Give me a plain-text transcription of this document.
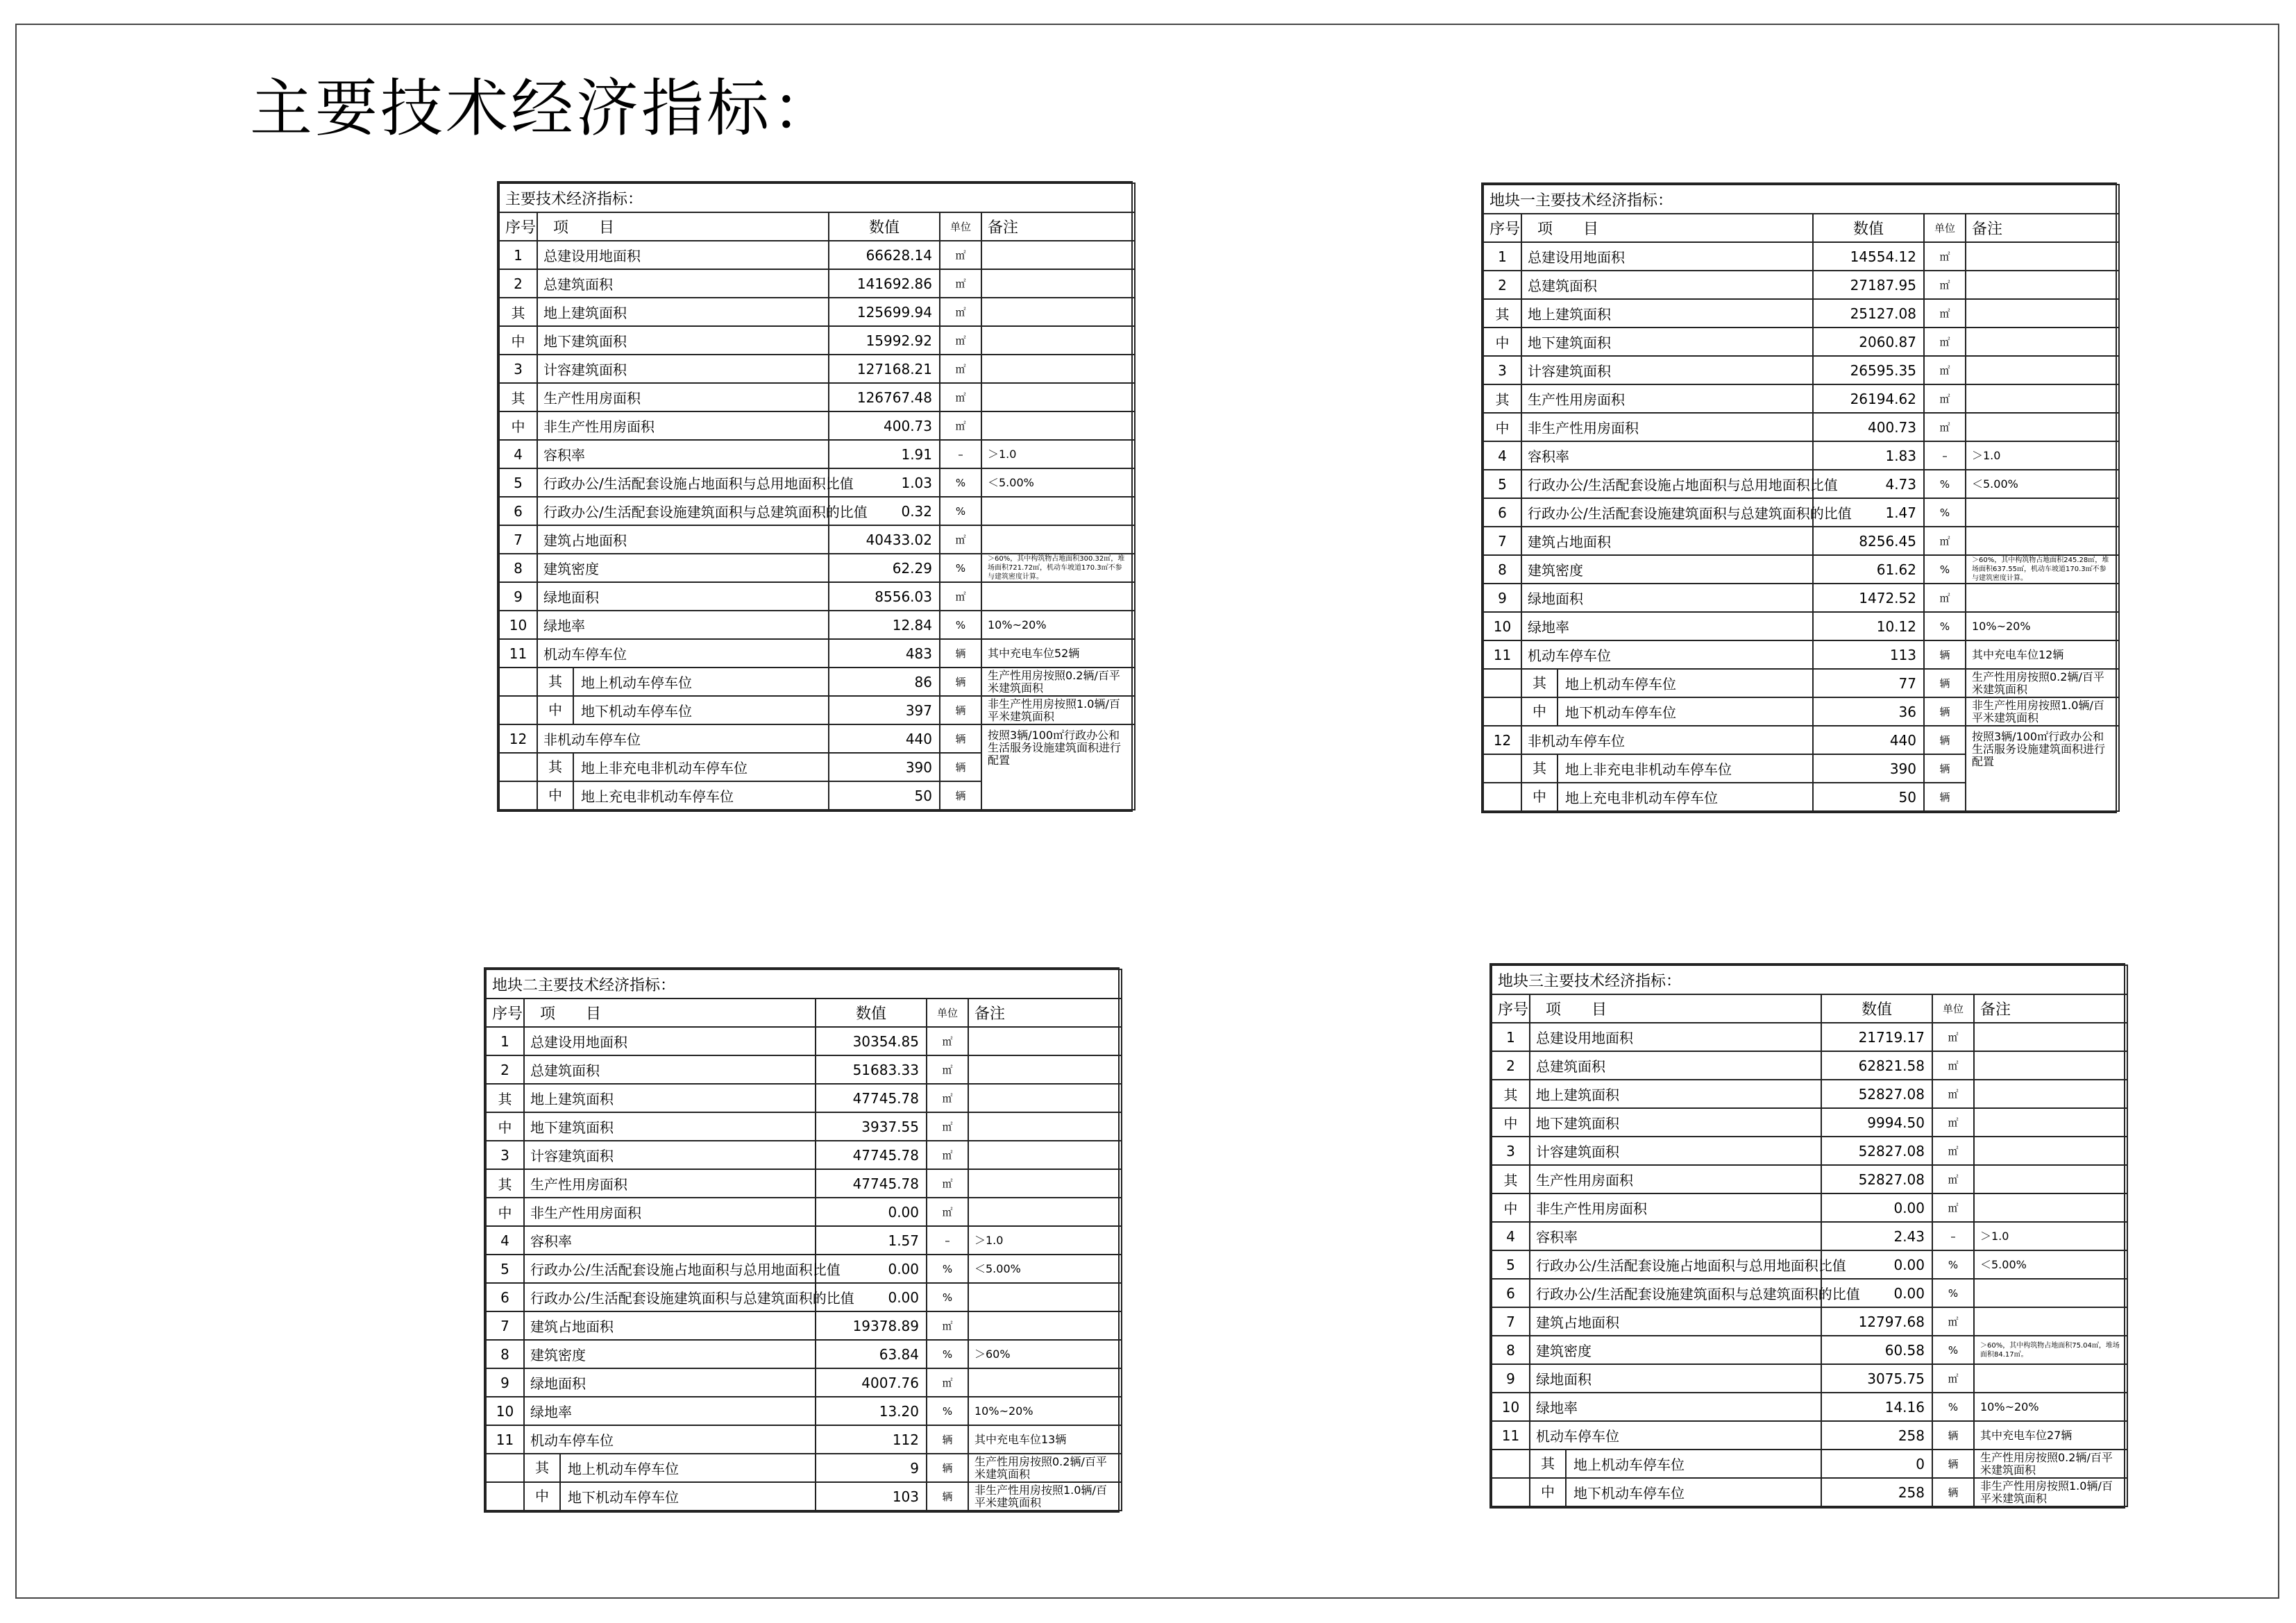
主要技术经济指标：
主要技术经济指标：				
序号	项　　目	数值	单位	备注
1	总建设用地面积	66628.14	㎡	
2	总建筑面积	141692.86	㎡	
其	地上建筑面积	125699.94	㎡	
中	地下建筑面积	15992.92	㎡	
3	计容建筑面积	127168.21	㎡	
其	生产性用房面积	126767.48	㎡	
中	非生产性用房面积	400.73	㎡	
4	容积率	1.91	–	＞1.0
5	行政办公/生活配套设施占地面积与总用地面积比值	1.03	%	＜5.00%
6	行政办公/生活配套设施建筑面积与总建筑面积的比值	0.32	%	
7	建筑占地面积	40433.02	㎡	
8	建筑密度	62.29	%	＞60%，其中构筑物占地面积300.32㎡，堆场面积721.72㎡，机动车坡道170.3㎡不参与建筑密度计算。
9	绿地面积	8556.03	㎡	
10	绿地率	12.84	%	10%~20%
11	机动车停车位	483	辆	其中充电车位52辆

	其 地上机动车停车位	86	辆	生产性用房按照0.2辆/百平米建筑面积

	中 地下机动车停车位	397	辆	非生产性用房按照1.0辆/百平米建筑面积
12	非机动车停车位	440	辆	按照3辆/100㎡行政办公和生活服务设施建筑面积进行配置

	其 地上非充电非机动车停车位	390	辆	

	中 地上充电非机动车停车位	50	辆	
地块一主要技术经济指标：				
序号	项　　目	数值	单位	备注
1	总建设用地面积	14554.12	㎡	
2	总建筑面积	27187.95	㎡	
其	地上建筑面积	25127.08	㎡	
中	地下建筑面积	2060.87	㎡	
3	计容建筑面积	26595.35	㎡	
其	生产性用房面积	26194.62	㎡	
中	非生产性用房面积	400.73	㎡	
4	容积率	1.83	–	＞1.0
5	行政办公/生活配套设施占地面积与总用地面积比值	4.73	%	＜5.00%
6	行政办公/生活配套设施建筑面积与总建筑面积的比值	1.47	%	
7	建筑占地面积	8256.45	㎡	
8	建筑密度	61.62	%	＞60%，其中构筑物占地面积245.28㎡，堆场面积637.55㎡，机动车坡道170.3㎡不参与建筑密度计算。
9	绿地面积	1472.52	㎡	
10	绿地率	10.12	%	10%~20%
11	机动车停车位	113	辆	其中充电车位12辆

	其 地上机动车停车位	77	辆	生产性用房按照0.2辆/百平米建筑面积

	中 地下机动车停车位	36	辆	非生产性用房按照1.0辆/百平米建筑面积
12	非机动车停车位	440	辆	按照3辆/100㎡行政办公和生活服务设施建筑面积进行配置

	其 地上非充电非机动车停车位	390	辆	

	中 地上充电非机动车停车位	50	辆	
地块二主要技术经济指标：				
序号	项　　目	数值	单位	备注
1	总建设用地面积	30354.85	㎡	
2	总建筑面积	51683.33	㎡	
其	地上建筑面积	47745.78	㎡	
中	地下建筑面积	3937.55	㎡	
3	计容建筑面积	47745.78	㎡	
其	生产性用房面积	47745.78	㎡	
中	非生产性用房面积	0.00	㎡	
4	容积率	1.57	–	＞1.0
5	行政办公/生活配套设施占地面积与总用地面积比值	0.00	%	＜5.00%
6	行政办公/生活配套设施建筑面积与总建筑面积的比值	0.00	%	
7	建筑占地面积	19378.89	㎡	
8	建筑密度	63.84	%	＞60%
9	绿地面积	4007.76	㎡	
10	绿地率	13.20	%	10%~20%
11	机动车停车位	112	辆	其中充电车位13辆

	其 地上机动车停车位	9	辆	生产性用房按照0.2辆/百平米建筑面积

	中 地下机动车停车位	103	辆	非生产性用房按照1.0辆/百平米建筑面积
地块三主要技术经济指标：				
序号	项　　目	数值	单位	备注
1	总建设用地面积	21719.17	㎡	
2	总建筑面积	62821.58	㎡	
其	地上建筑面积	52827.08	㎡	
中	地下建筑面积	9994.50	㎡	
3	计容建筑面积	52827.08	㎡	
其	生产性用房面积	52827.08	㎡	
中	非生产性用房面积	0.00	㎡	
4	容积率	2.43	–	＞1.0
5	行政办公/生活配套设施占地面积与总用地面积比值	0.00	%	＜5.00%
6	行政办公/生活配套设施建筑面积与总建筑面积的比值	0.00	%	
7	建筑占地面积	12797.68	㎡	
8	建筑密度	60.58	%	＞60%，其中构筑物占地面积75.04㎡，堆场面积84.17㎡。
9	绿地面积	3075.75	㎡	
10	绿地率	14.16	%	10%~20%
11	机动车停车位	258	辆	其中充电车位27辆

	其 地上机动车停车位	0	辆	生产性用房按照0.2辆/百平米建筑面积

	中 地下机动车停车位	258	辆	非生产性用房按照1.0辆/百平米建筑面积
